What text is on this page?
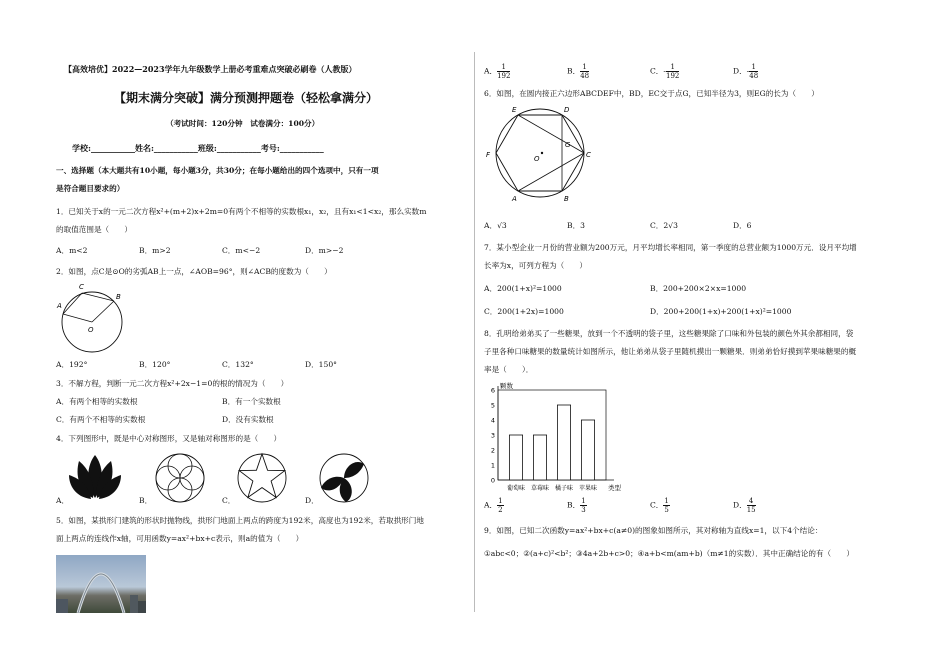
【高效培优】2022—2023学年九年级数学上册必考重难点突破必刷卷（人教版）
【期末满分突破】满分预测押题卷（轻松拿满分）
（考试时间：120分钟　试卷满分：100分）
学校:___________姓名:___________班级:___________考号:___________
一、选择题（本大题共有10小题，每小题3分，共30分；在每小题给出的四个选项中，只有一项
是符合题目要求的）
1．已知关于x的一元二次方程x²+(m+2)x+2m=0有两个不相等的实数根x₁，x₂，且有x₁<1<x₂，那么实数m
的取值范围是（　　）
A．m<2	B．m>2	C．m<−2	D．m>−2
2．如图，点C是⊙O的劣弧AB上一点，∠AOB=96°，则∠ACB的度数为（　　）
A
B
C
O
A．192°	B．120°	C．132°	D．150°
3．不解方程，判断一元二次方程x²+2x−1=0的根的情况为（　　）
A．有两个相等的实数根	B．有一个实数根
C．有两个不相等的实数根	D．没有实数根
4．下列图形中，既是中心对称图形，又是轴对称图形的是（　　）
A．	B．	C．	D．
5．如图，某拱形门建筑的形状时抛物线，拱形门地面上两点的跨度为192米，高度也为192米，若取拱形门地
面上两点的连线作x轴，可用函数y=ax²+bx+c表示，则a的值为（　　）
A． $\frac{1}{192}$	B． $\frac{1}{48}$	C．- $\frac{1}{192}$	D．- $\frac{1}{48}$
6．如图，在圆内接正六边形ABCDEF中，BD，EC交于点G，已知半径为3，则EG的长为（　　）
E	D
F	C
A	B
G
O
A．√3	B．3	C．2√3	D．6
7．某小型企业一月份的营业额为200万元，月平均增长率相同，第一季度的总营业额为1000万元．设月平均增
长率为x，可列方程为（　　）
A．200(1+x)²=1000	B．200+200×2×x=1000
C．200(1+2x)=1000	D．200+200(1+x)+200(1+x)²=1000
8．孔明给弟弟买了一些糖果，放到一个不透明的袋子里，这些糖果除了口味和外包装的颜色外其余都相同，袋
子里各种口味糖果的数量统计如图所示，他让弟弟从袋子里随机摸出一颗糖果．则弟弟恰好摸到苹果味糖果的概
率是（　　）．
0
1
2
3
4
5
6
颗数
类型
葡萄味 草莓味 橘子味 苹果味
A． $\frac{1}{2}$	B． $\frac{1}{3}$	C． $\frac{1}{5}$	D． $\frac{4}{15}$
9．如图，已知二次函数y=ax²+bx+c(a≠0)的图象如图所示，其对称轴为直线x=1，以下4个结论：
①abc<0；②(a+c)²<b²；③4a+2b+c>0；④a+b<m(am+b)（m≠1的实数）．其中正确结论的有（　　）
